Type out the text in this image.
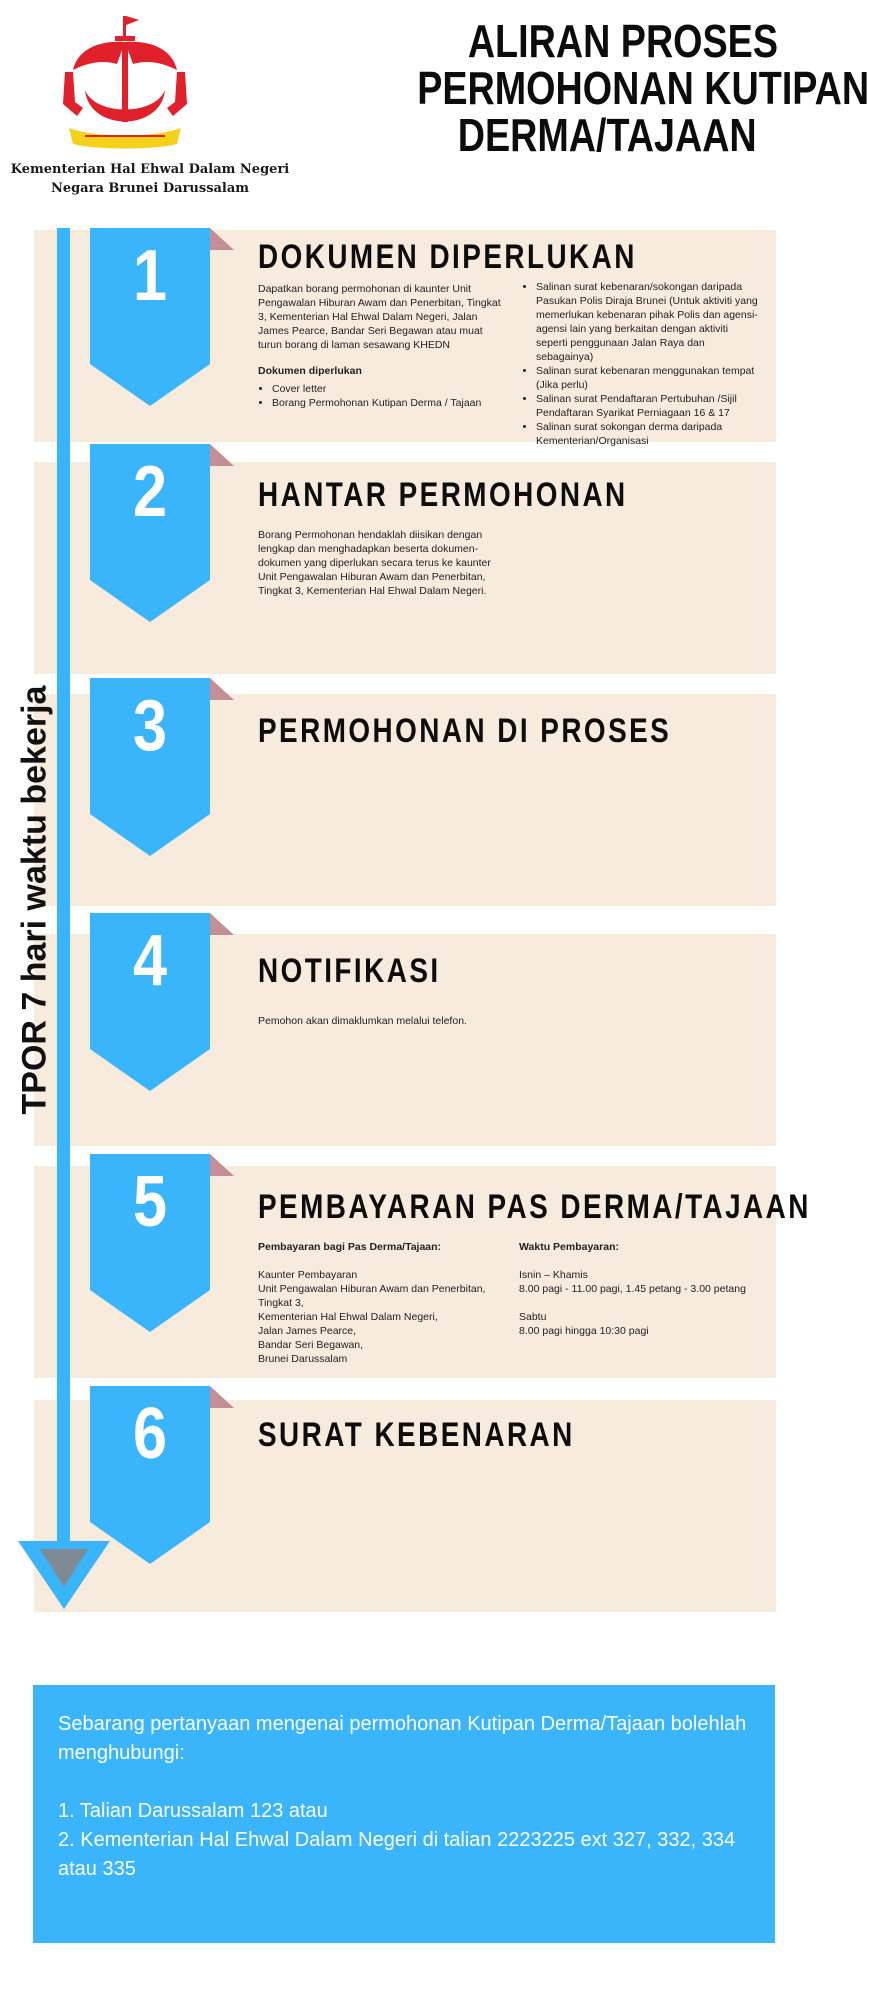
Kementerian Hal Ehwal Dalam Negeri
Negara Brunei Darussalam
ALIRAN PROSES
PERMOHONAN KUTIPAN
DERMA/TAJAAN
TPOR 7 hari waktu bekerja
1
2
3
4
5
6
DOKUMEN DIPERLUKAN

Dapatkan borang permohonan di kaunter Unit Pengawalan Hiburan Awam dan Penerbitan, Tingkat 3, Kementerian Hal Ehwal Dalam Negeri, Jalan James Pearce, Bandar Seri Begawan atau muat turun borang di laman sesawang KHEDN

Dokumen diperlukan

• Cover letter
• Borang Permohonan Kutipan Derma / Tajaan
• Salinan surat kebenaran/sokongan daripada Pasukan Polis Diraja Brunei (Untuk aktiviti yang memerlukan kebenaran pihak Polis dan agensi-agensi lain yang berkaitan dengan aktiviti seperti penggunaan Jalan Raya dan sebagainya)
• Salinan surat kebenaran menggunakan tempat (Jika perlu)
• Salinan surat Pendaftaran Pertubuhan /Sijil Pendaftaran Syarikat Perniagaan 16 & 17
• Salinan surat sokongan derma daripada Kementerian/Organisasi
HANTAR PERMOHONAN
Borang Permohonan hendaklah diisikan dengan lengkap dan menghadapkan beserta dokumen-dokumen yang diperlukan secara terus ke kaunter Unit Pengawalan Hiburan Awam dan Penerbitan, Tingkat 3, Kementerian Hal Ehwal Dalam Negeri.
PERMOHONAN DI PROSES
NOTIFIKASI
Pemohon akan dimaklumkan melalui telefon.
PEMBAYARAN PAS DERMA/TAJAAN

Pembayaran bagi Pas Derma/Tajaan:

Kaunter Pembayaran

Unit Pengawalan Hiburan Awam dan Penerbitan, Tingkat 3,

Kementerian Hal Ehwal Dalam Negeri,

Jalan James Pearce,

Bandar Seri Begawan,

Brunei Darussalam

Waktu Pembayaran:

Isnin – Khamis

8.00 pagi - 11.00 pagi, 1.45 petang - 3.00 petang

Sabtu

8.00 pagi hingga 10:30 pagi

SURAT KEBENARAN

Sebarang pertanyaan mengenai permohonan Kutipan Derma/Tajaan bolehlah menghubungi:

1. Talian Darussalam 123 atau

2. Kementerian Hal Ehwal Dalam Negeri di talian 2223225 ext 327, 332, 334 atau 335
